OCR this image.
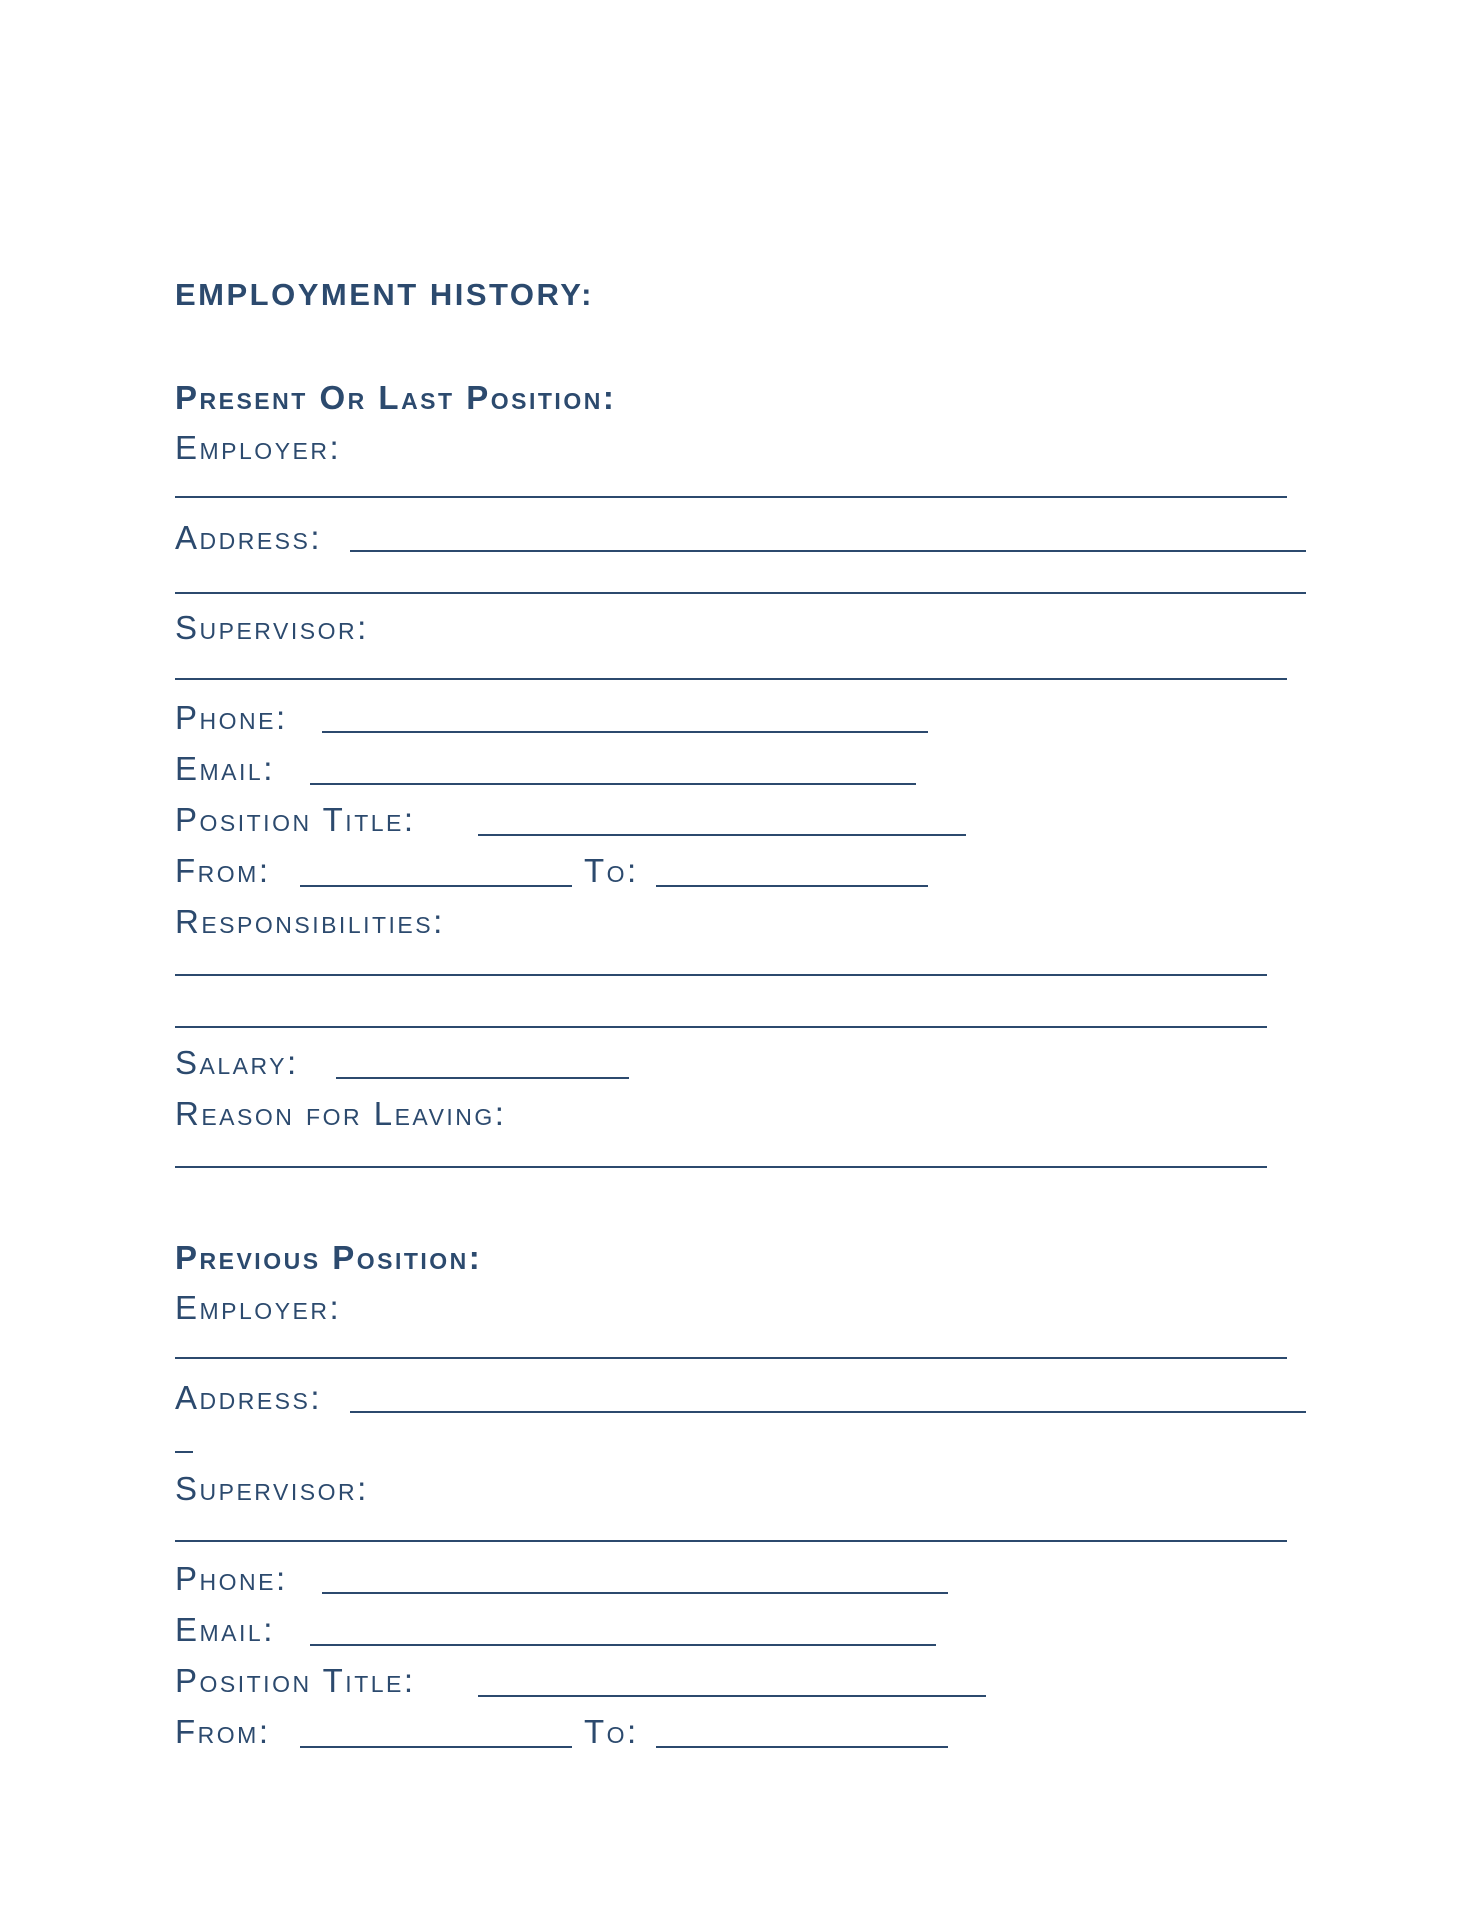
EMPLOYMENT HISTORY:
Present Or Last Position:
Employer:
Address:
Supervisor:
Phone:
Email:
Position Title:
From:	To:
Responsibilities:
Salary:
Reason for Leaving:
Previous Position:
Employer:
Address:
Supervisor:
Phone:
Email:
Position Title:
From:	To:
